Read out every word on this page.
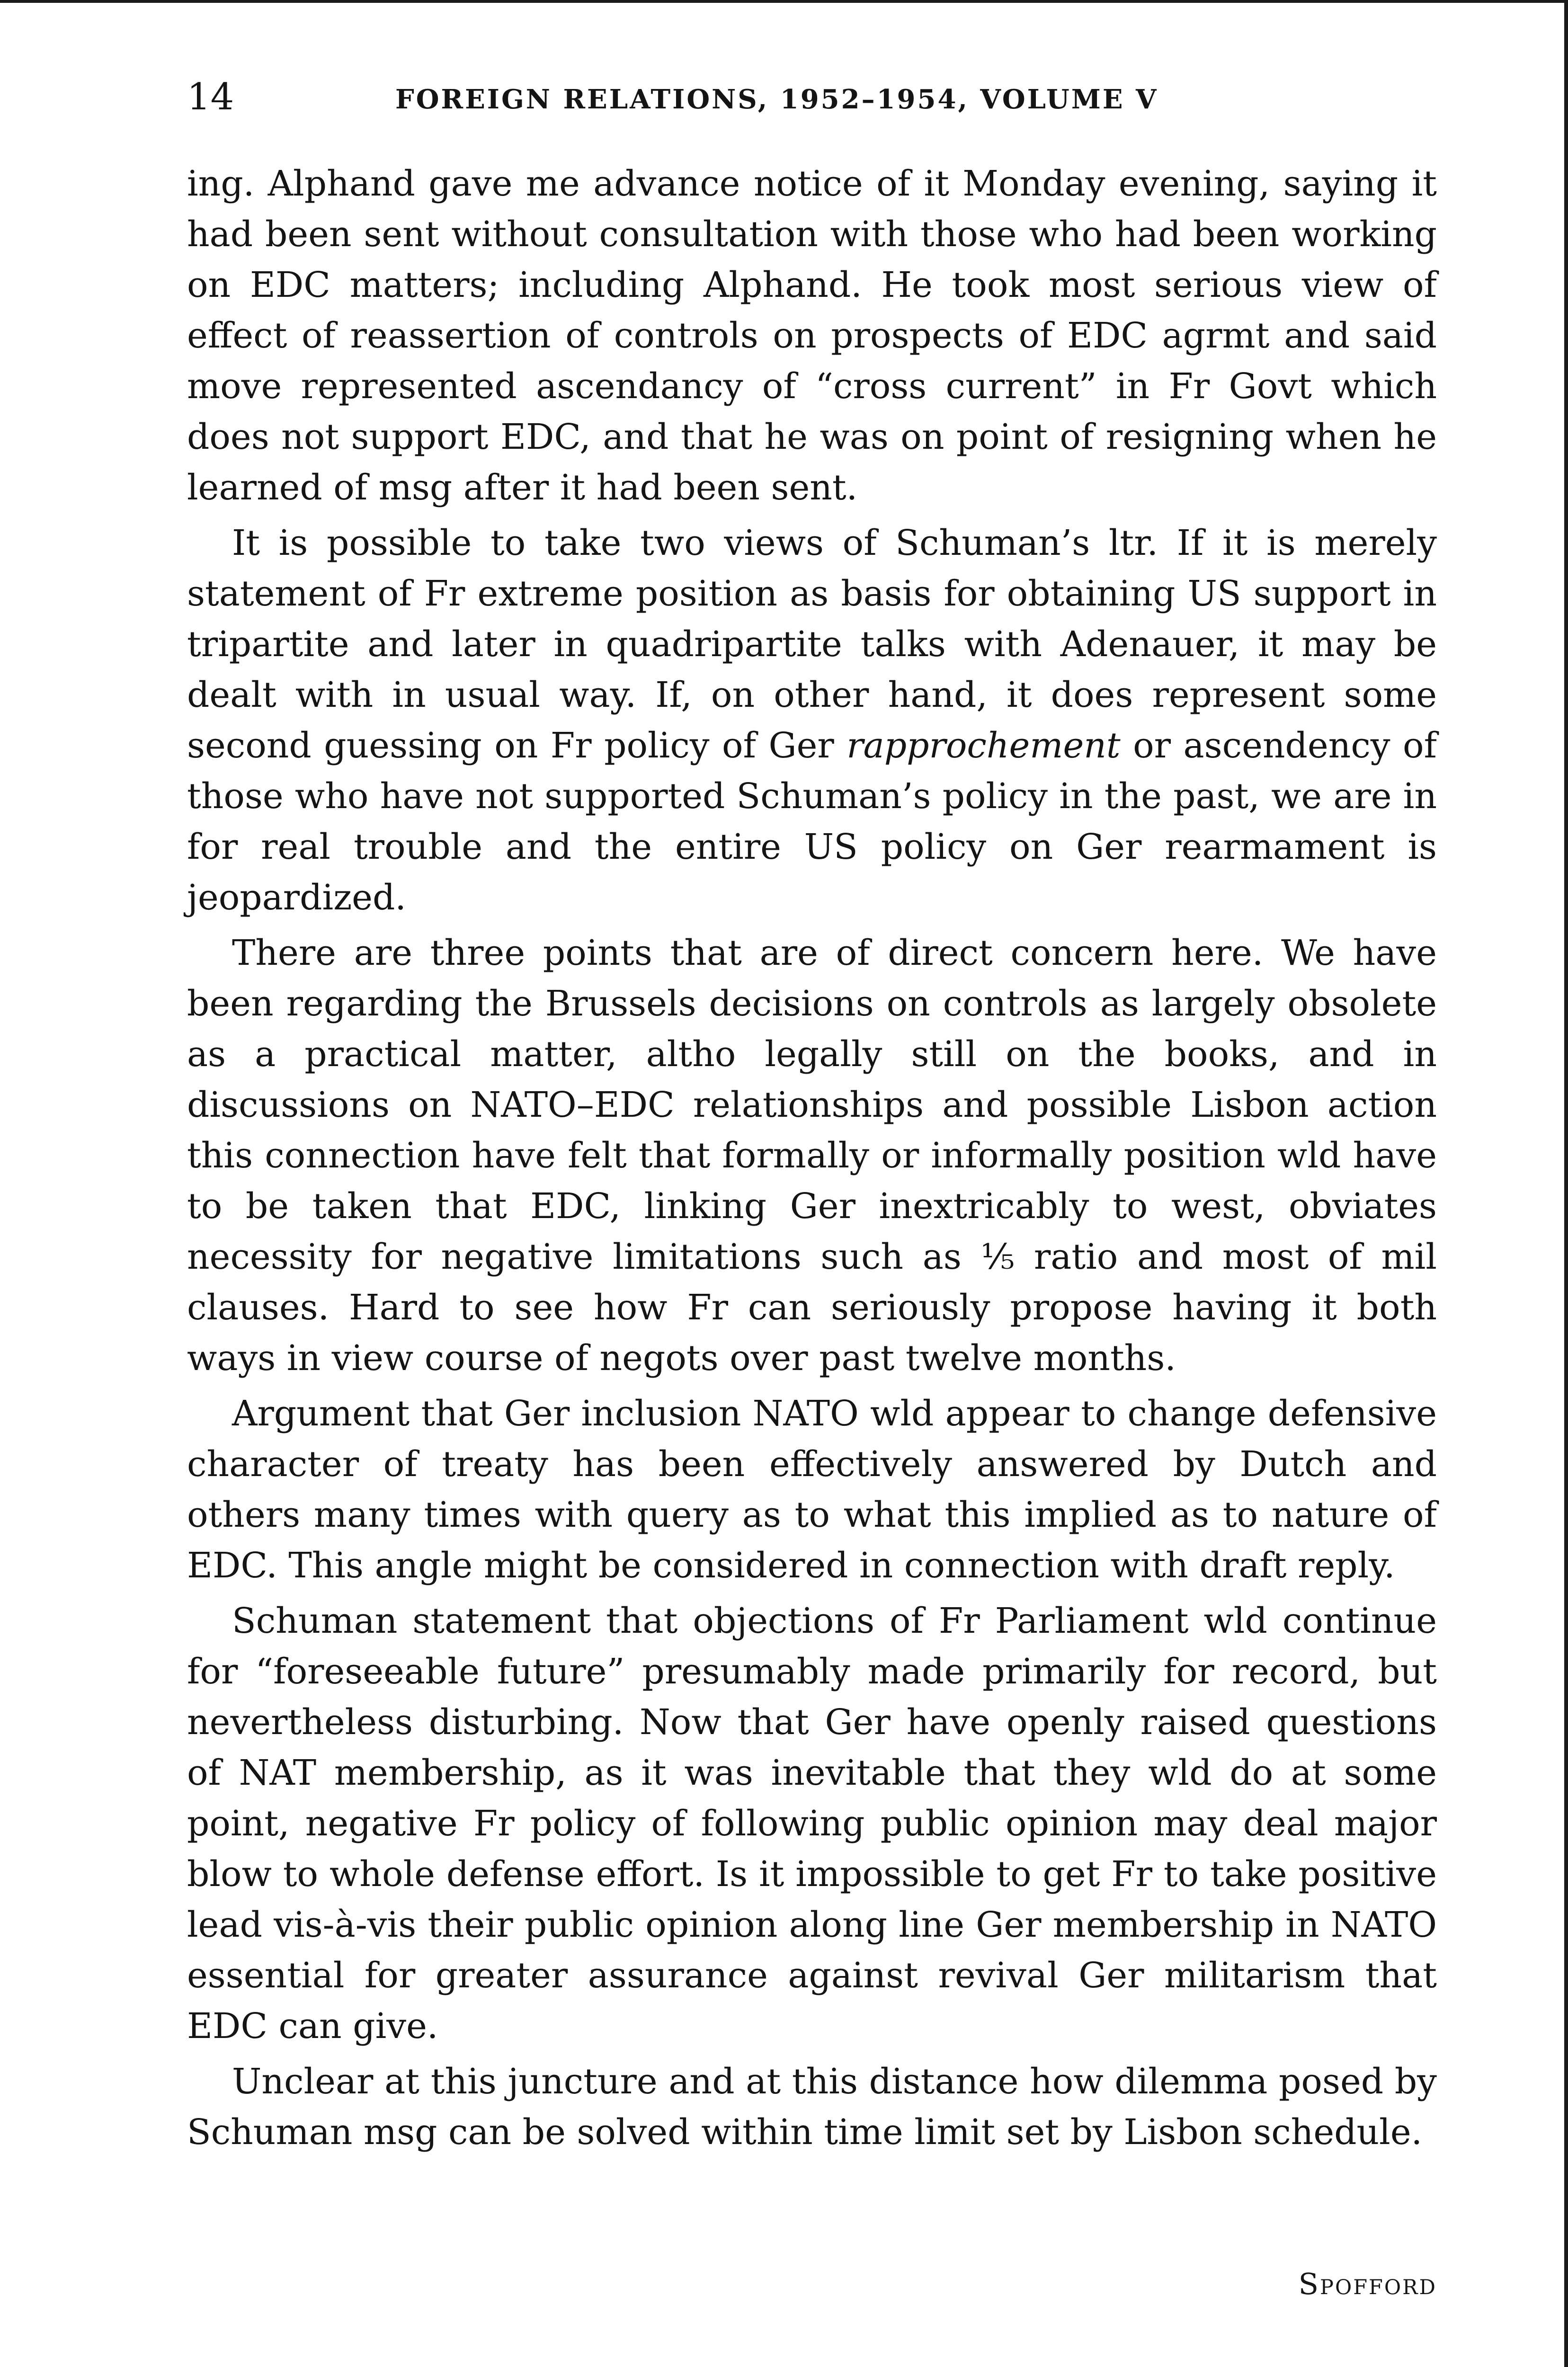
14	FOREIGN RELATIONS, 1952–1954, VOLUME V

ing. Alphand gave me advance notice of it Monday evening, saying it had been sent without consultation with those who had been working on EDC matters; including Alphand. He took most serious view of effect of reassertion of controls on prospects of EDC agrmt and said move represented ascendancy of “cross current” in Fr Govt which does not support EDC, and that he was on point of resigning when he learned of msg after it had been sent.

It is possible to take two views of Schuman’s ltr. If it is merely statement of Fr extreme position as basis for obtaining US support in tripartite and later in quadripartite talks with Adenauer, it may be dealt with in usual way. If, on other hand, it does represent some second guessing on Fr policy of Ger rapprochement or ascendency of those who have not supported Schuman’s policy in the past, we are in for real trouble and the entire US policy on Ger rearmament is jeopardized.

There are three points that are of direct concern here. We have been regarding the Brussels decisions on controls as largely obsolete as a practical matter, altho legally still on the books, and in discussions on NATO–EDC relationships and possible Lisbon action this connection have felt that formally or informally position wld have to be taken that EDC, linking Ger inextricably to west, obviates necessity for negative limitations such as ⅕ ratio and most of mil clauses. Hard to see how Fr can seriously propose having it both ways in view course of negots over past twelve months.

Argument that Ger inclusion NATO wld appear to change defensive character of treaty has been effectively answered by Dutch and others many times with query as to what this implied as to nature of EDC. This angle might be considered in connection with draft reply.

Schuman statement that objections of Fr Parliament wld continue for “foreseeable future” presumably made primarily for record, but nevertheless disturbing. Now that Ger have openly raised questions of NAT membership, as it was inevitable that they wld do at some point, negative Fr policy of following public opinion may deal major blow to whole defense effort. Is it impossible to get Fr to take positive lead vis-à-vis their public opinion along line Ger membership in NATO essential for greater assurance against revival Ger militarism that EDC can give.

Unclear at this juncture and at this distance how dilemma posed by Schuman msg can be solved within time limit set by Lisbon schedule.

Spofford
